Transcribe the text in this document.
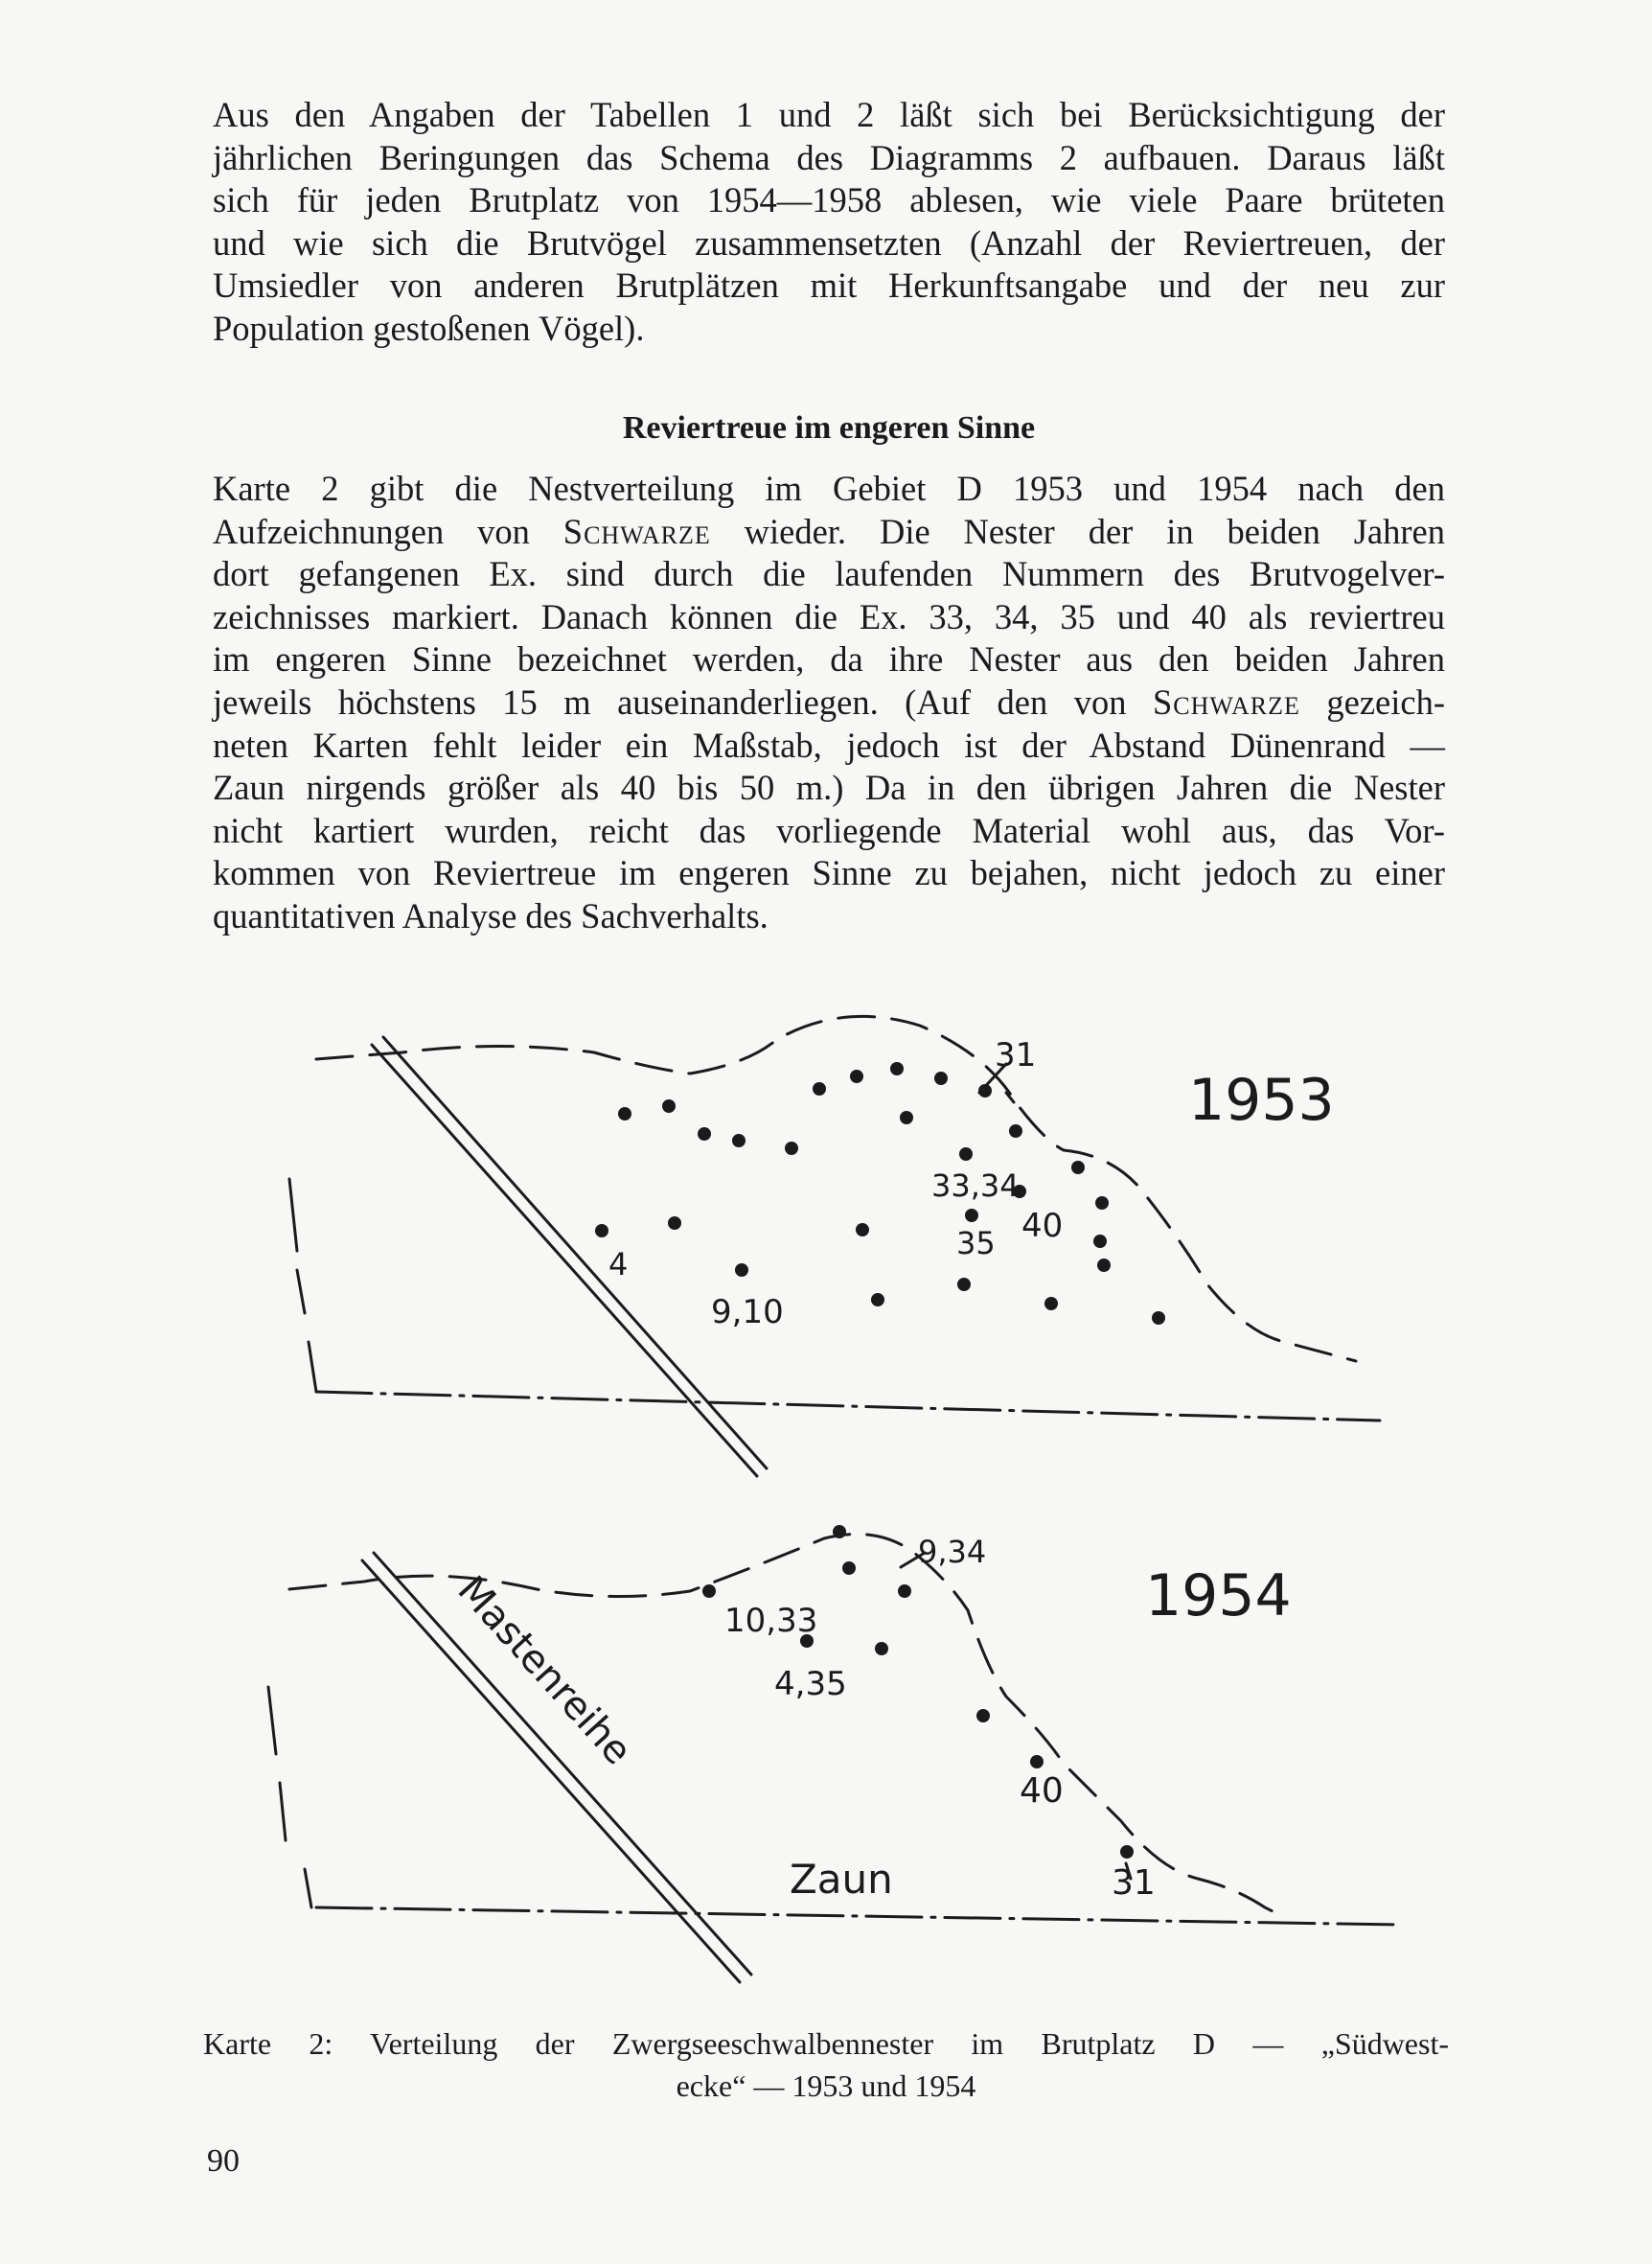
Aus den Angaben der Tabellen 1 und 2 läßt sich bei Berücksichtigung der
jährlichen Beringungen das Schema des Diagramms 2 aufbauen. Daraus läßt
sich für jeden Brutplatz von 1954—1958 ablesen, wie viele Paare brüteten
und wie sich die Brutvögel zusammensetzten (Anzahl der Reviertreuen, der
Umsiedler von anderen Brutplätzen mit Herkunftsangabe und der neu zur
Population gestoßenen Vögel).

Reviertreue im engeren Sinne

Karte 2 gibt die Nestverteilung im Gebiet D 1953 und 1954 nach den
Aufzeichnungen von Schwarze wieder. Die Nester der in beiden Jahren
dort gefangenen Ex. sind durch die laufenden Nummern des Brutvogelver-
zeichnisses markiert. Danach können die Ex. 33, 34, 35 und 40 als reviertreu
im engeren Sinne bezeichnet werden, da ihre Nester aus den beiden Jahren
jeweils höchstens 15 m auseinanderliegen. (Auf den von Schwarze gezeich-
neten Karten fehlt leider ein Maßstab, jedoch ist der Abstand Dünenrand —
Zaun nirgends größer als 40 bis 50 m.) Da in den übrigen Jahren die Nester
nicht kartiert wurden, reicht das vorliegende Material wohl aus, das Vor-
kommen von Reviertreue im engeren Sinne zu bejahen, nicht jedoch zu einer
quantitativen Analyse des Sachverhalts.

1953
31
33,34
40
35
4
9,10
1954
9,34
10,33
4,35
40
31
Zaun
Mastenreihe

Karte 2: Verteilung der Zwergseeschwalbennester im Brutplatz D — „Südwest-
ecke“ — 1953 und 1954

90
